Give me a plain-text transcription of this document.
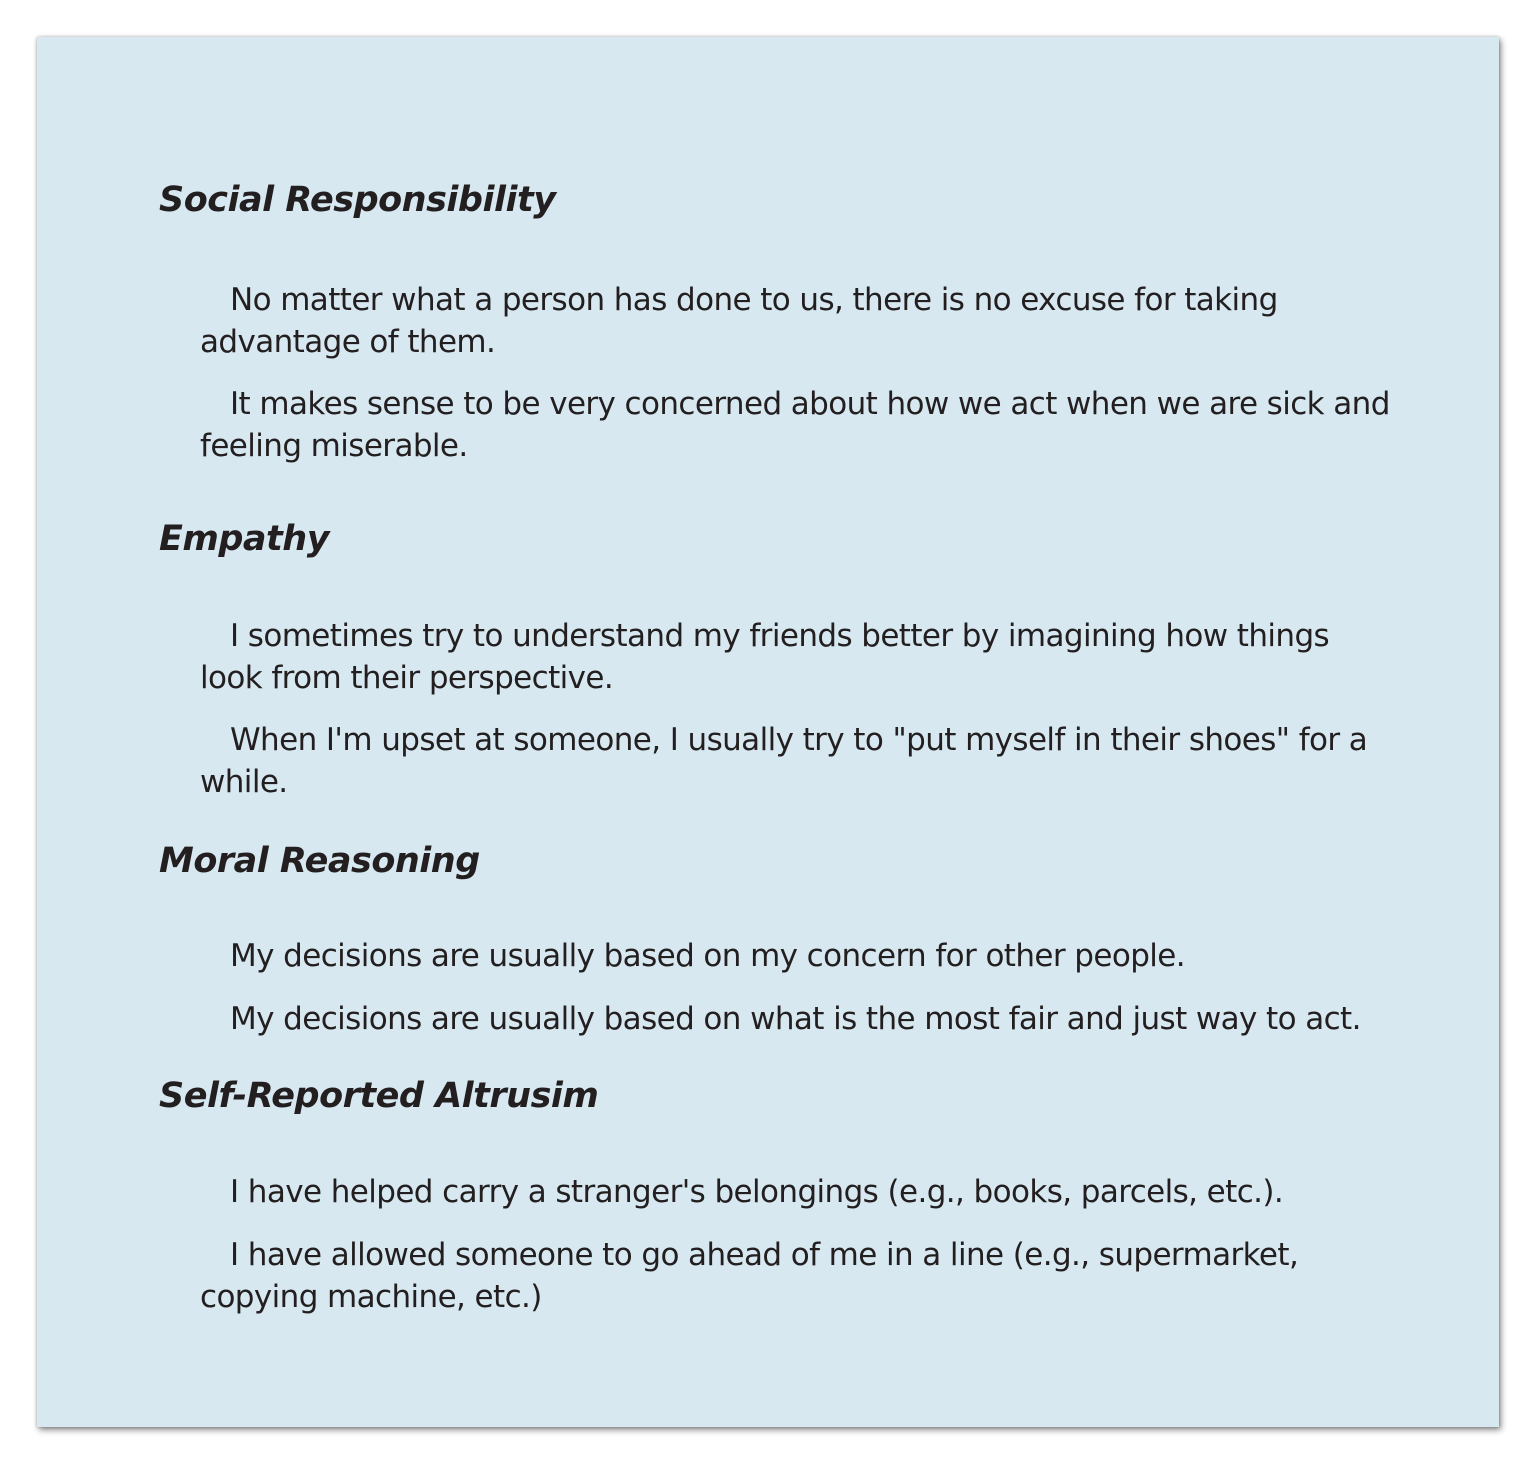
Social Responsibility

No matter what a person has done to us, there is no excuse for taking advantage of them.

It makes sense to be very concerned about how we act when we are sick and feeling miserable.

Empathy

I sometimes try to understand my friends better by imagining how things look from their perspective.

When I'm upset at someone, I usually try to "put myself in their shoes" for a while.

Moral Reasoning

My decisions are usually based on my concern for other people.

My decisions are usually based on what is the most fair and just way to act.

Self-Reported Altrusim

I have helped carry a stranger's belongings (e.g., books, parcels, etc.).

I have allowed someone to go ahead of me in a line (e.g., supermarket, copying machine, etc.)
